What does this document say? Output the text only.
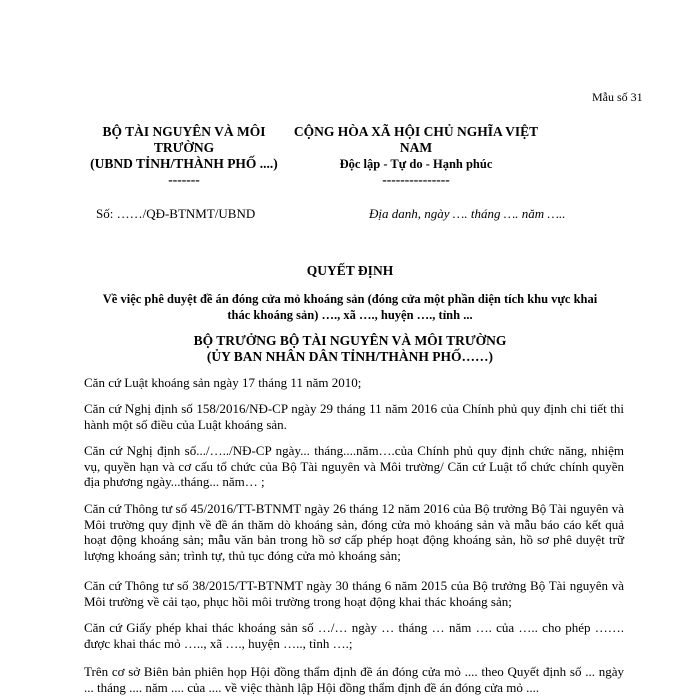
Mẫu số 31
BỘ TÀI NGUYÊN VÀ MÔI
TRƯỜNG
(UBND TỈNH/THÀNH PHỐ ....)
-------
CỘNG HÒA XÃ HỘI CHỦ NGHĨA VIỆT NAM
Độc lập - Tự do - Hạnh phúc
---------------
Số: ……/QĐ-BTNMT/UBND	Địa danh, ngày …. tháng …. năm …..
QUYẾT ĐỊNH
Về việc phê duyệt đề án đóng cửa mỏ khoáng sản (đóng cửa một phần diện tích khu vực khai thác khoáng sản) …., xã …., huyện …., tỉnh ...
BỘ TRƯỞNG BỘ TÀI NGUYÊN VÀ MÔI TRƯỜNG
(ỦY BAN NHÂN DÂN TỈNH/THÀNH PHỐ……)
Căn cứ Luật khoáng sản ngày 17 tháng 11 năm 2010;
Căn cứ Nghị định số 158/2016/NĐ-CP ngày 29 tháng 11 năm 2016 của Chính phủ quy định chi tiết thi hành một số điều của Luật khoáng sản.
Căn cứ Nghị định số.../…../NĐ-CP ngày... tháng....năm….của Chính phủ quy định chức năng, nhiệm vụ, quyền hạn và cơ cấu tổ chức của Bộ Tài nguyên và Môi trường/ Căn cứ Luật tổ chức chính quyền địa phương ngày...tháng... năm… ;
Căn cứ Thông tư số 45/2016/TT-BTNMT ngày 26 tháng 12 năm 2016 của Bộ trưởng Bộ Tài nguyên và Môi trường quy định về đề án thăm dò khoáng sản, đóng cửa mỏ khoáng sản và mẫu báo cáo kết quả hoạt động khoáng sản; mẫu văn bản trong hồ sơ cấp phép hoạt động khoáng sản, hồ sơ phê duyệt trữ lượng khoáng sản; trình tự, thủ tục đóng cửa mỏ khoáng sản;
Căn cứ Thông tư số 38/2015/TT-BTNMT ngày 30 tháng 6 năm 2015 của Bộ trưởng Bộ Tài nguyên và Môi trường về cải tạo, phục hồi môi trường trong hoạt động khai thác khoáng sản;
Căn cứ Giấy phép khai thác khoáng sản số …/… ngày … tháng … năm …. của ….. cho phép ……. được khai thác mỏ ….., xã …., huyện ….., tỉnh ….;
Trên cơ sở Biên bản phiên họp Hội đồng thẩm định đề án đóng cửa mỏ .... theo Quyết định số ... ngày ... tháng .... năm .... của .... về việc thành lập Hội đồng thẩm định đề án đóng cửa mỏ ....
